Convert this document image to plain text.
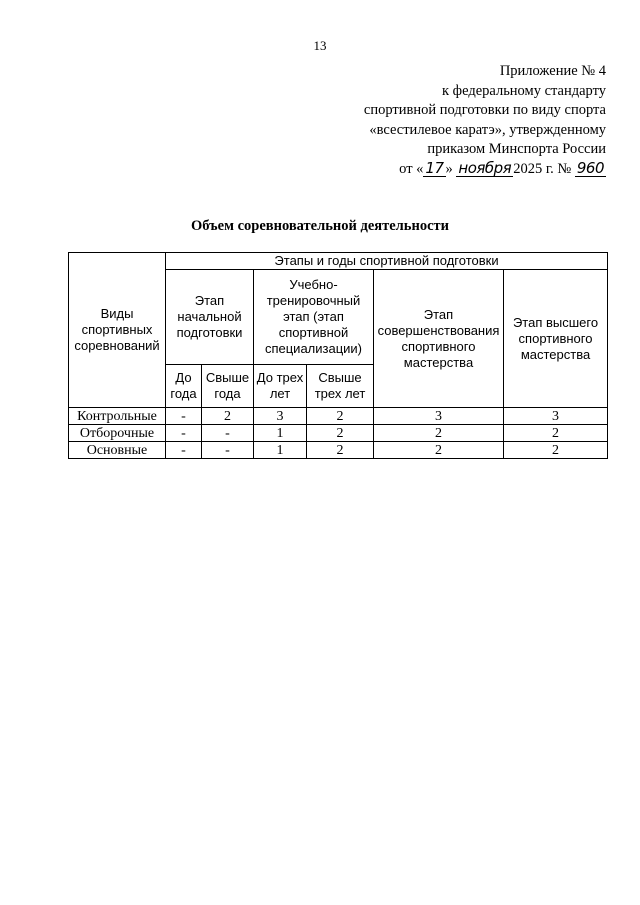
13
Приложение № 4
к федеральному стандарту
спортивной подготовки по виду спорта
«всестилевое каратэ», утвержденному
приказом Минспорта России
от « 17 » ноября 2025 г. № 960
Объем соревновательной деятельности
Виды спортивных соревнований	Этапы и годы спортивной подготовки					
	Этап начальной подготовки		Учебно-тренировочный этап (этап спортивной специализации)		Этап совершенствования спортивного мастерства	Этап высшего спортивного мастерства
	До года	Свыше года	До трех лет	Свыше трех лет		
Контрольные	-	2	3	2	3	3
Отборочные	-	-	1	2	2	2
Основные	-	-	1	2	2	2
